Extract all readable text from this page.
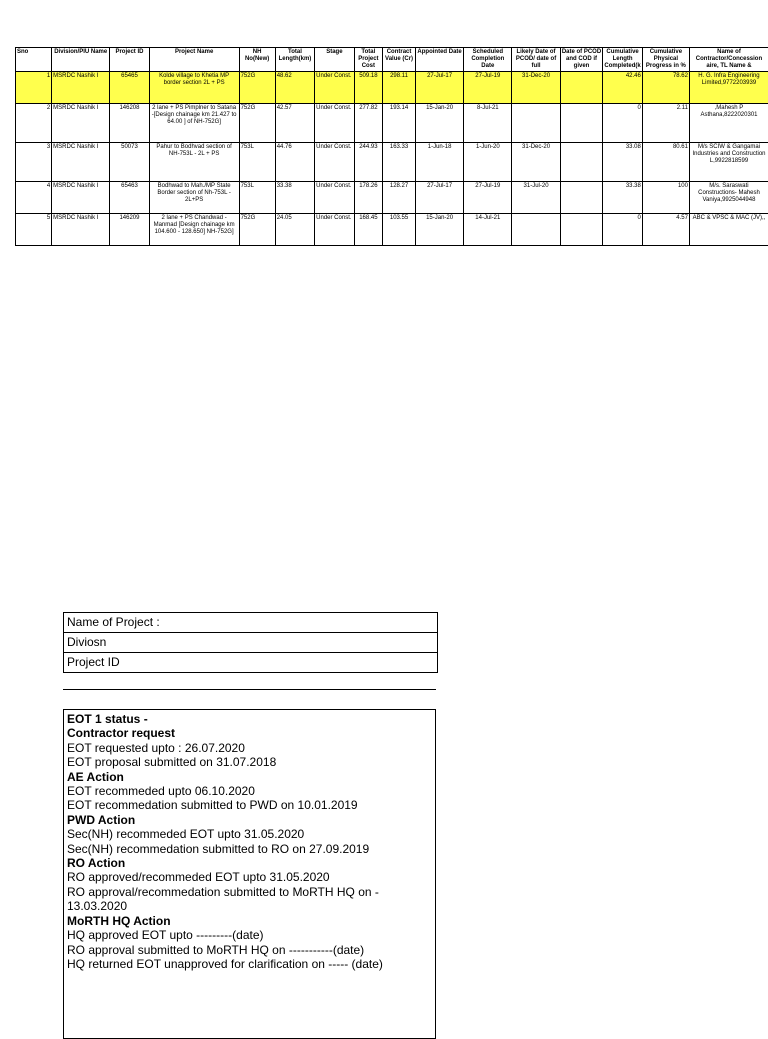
Sno	Division/PIU Name	Project ID	Project Name	NH No(New)	Total Length(km)	Stage	Total Project Cost	Contract Value (Cr)	Appointed Date	Scheduled Completion Date	Likely Date of PCOD/ date of full	Date of PCOD and COD if given	Cumulative Length Completed(k	Cumulative Physical Progress in %	Name of Contractor/Concession aire, TL Name &
1	MSRDC Nashik I	65465	Kolde village to Khetia MP border section 2L + PS	752G	48.62	Under Const.	509.18	298.11	27-Jul-17	27-Jul-19	31-Dec-20		42.46	78.62	H. G. Infra Engineering Limited,9772203939
2	MSRDC Nashik I	146208	2 lane + PS Pimplner to Satana -[Design chainage km 21.427 to 64.00 ] of NH-752G]	752G	42.57	Under Const.	277.82	193.14	15-Jan-20	8-Jul-21			0	2.11	,Mahesh P Asthana,8222020301
3	MSRDC Nashik I	50073	Pahur to Bodhvad section of NH-753L - 2L + PS	753L	44.76	Under Const.	244.93	163.33	1-Jun-18	1-Jun-20	31-Dec-20		33.08	80.61	M/s SCIW & Gangamai Industries and Construction L,9922818599
4	MSRDC Nashik I	65463	Bodhwad to Mah./MP State Border section of Nh-753L - 2L+PS	753L	33.38	Under Const.	178.26	128.27	27-Jul-17	27-Jul-19	31-Jul-20		33.38	100	M/s. Saraswati Constructions- Mahesh Vaniya,9925044948
5	MSRDC Nashik I	146209	2 lane + PS Chandwad - Manmad [Design chainage km 104.600 - 128.650] NH-752G]	752G	24.05	Under Const.	168.45	103.55	15-Jan-20	14-Jul-21			0	4.57	ABC & VPSC & MAC (JV),,
Name of Project :
Diviosn
Project ID
EOT 1 status -
Contractor request
EOT requested upto : 26.07.2020
EOT proposal submitted on 31.07.2018
AE Action
EOT recommeded upto 06.10.2020
EOT recommedation submitted to PWD on 10.01.2019
PWD Action
Sec(NH) recommeded EOT upto 31.05.2020
Sec(NH) recommedation submitted to RO on 27.09.2019
RO Action
RO approved/recommeded EOT upto 31.05.2020
RO approval/recommedation submitted to MoRTH HQ on - 13.03.2020
MoRTH HQ Action
HQ approved EOT upto ---------(date)
RO approval submitted to MoRTH HQ on -----------(date)
HQ returned EOT unapproved for clarification on ----- (date)
